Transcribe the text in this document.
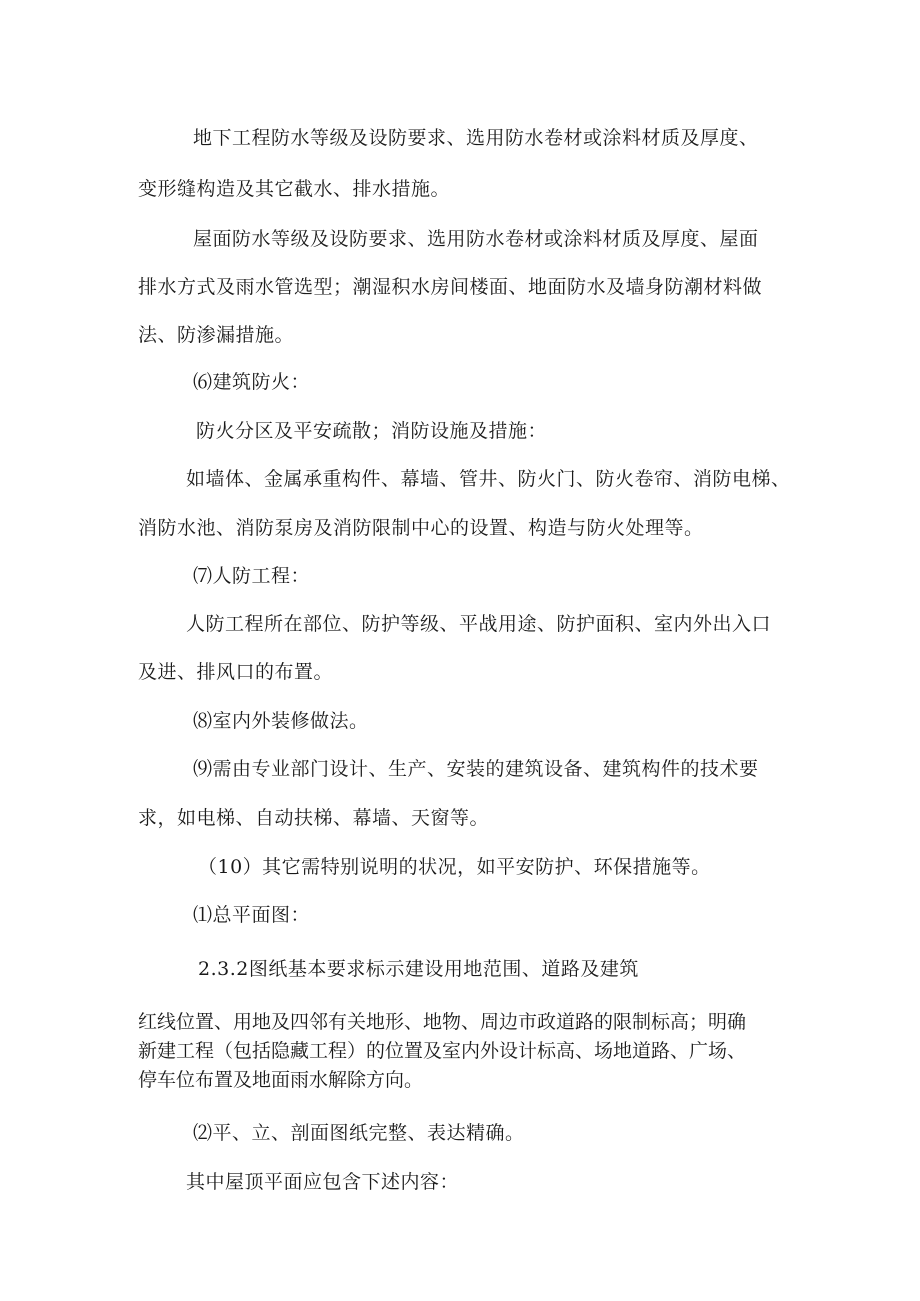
地下工程防水等级及设防要求、选用防水卷材或涂料材质及厚度、
变形缝构造及其它截水、排水措施。
屋面防水等级及设防要求、选用防水卷材或涂料材质及厚度、屋面
排水方式及雨水管选型；潮湿积水房间楼面、地面防水及墙身防潮材料做
法、防渗漏措施。
⑹建筑防火：
防火分区及平安疏散；消防设施及措施：
如墙体、金属承重构件、幕墙、管井、防火门、防火卷帘、消防电梯、
消防水池、消防泵房及消防限制中心的设置、构造与防火处理等。
⑺人防工程：
人防工程所在部位、防护等级、平战用途、防护面积、室内外出入口
及进、排风口的布置。
⑻室内外装修做法。
⑼需由专业部门设计、生产、安装的建筑设备、建筑构件的技术要
求，如电梯、自动扶梯、幕墙、天窗等。
（10）其它需特别说明的状况，如平安防护、环保措施等。
⑴总平面图：
2.3.2图纸基本要求标示建设用地范围、道路及建筑
红线位置、用地及四邻有关地形、地物、周边市政道路的限制标高；明确
新建工程（包括隐藏工程）的位置及室内外设计标高、场地道路、广场、
停车位布置及地面雨水解除方向。
⑵平、立、剖面图纸完整、表达精确。
其中屋顶平面应包含下述内容：
